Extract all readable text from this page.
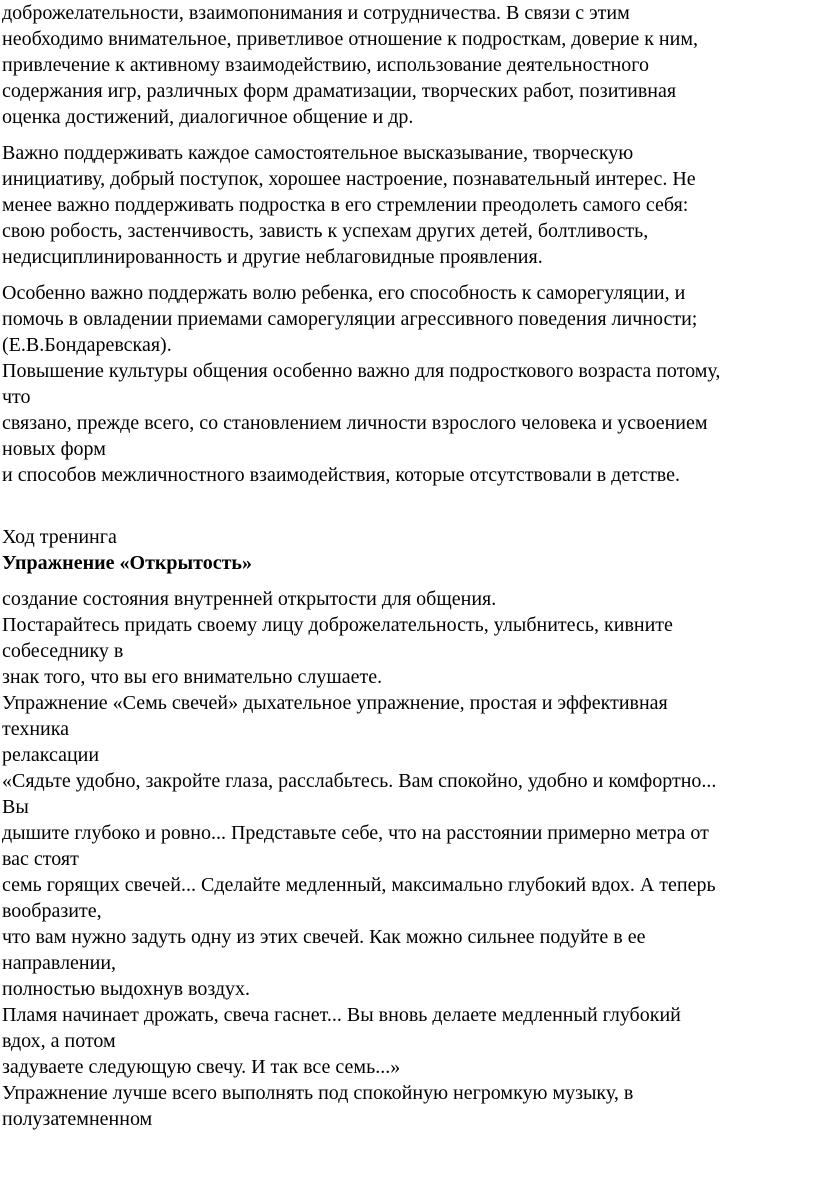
доброжелательности, взаимопонимания и сотрудничества. В связи с этим
необходимо внимательное, приветливое отношение к подросткам, доверие к ним,
привлечение к активному взаимодействию, использование деятельностного
содержания игр, различных форм драматизации, творческих работ, позитивная
оценка достижений, диалогичное общение и др.

Важно поддерживать каждое самостоятельное высказывание, творческую
инициативу, добрый поступок, хорошее настроение, познавательный интерес. Не
менее важно поддерживать подростка в его стремлении преодолеть самого себя:
свою робость, застенчивость, зависть к успехам других детей, болтливость,
недисциплинированность и другие неблаговидные проявления.

Особенно важно поддержать волю ребенка, его способность к саморегуляции, и
помочь в овладении приемами саморегуляции агрессивного поведения личности;
(Е.В.Бондаревская).
Повышение культуры общения особенно важно для подросткового возраста потому,
что
связано, прежде всего, со становлением личности взрослого человека и усвоением
новых форм
и способов межличностного взаимодействия, которые отсутствовали в детстве.

Ход тренинга

Упражнение «Открытость»

создание состояния внутренней открытости для общения.
Постарайтесь придать своему лицу доброжелательность, улыбнитесь, кивните
собеседнику в
знак того, что вы его внимательно слушаете.
Упражнение «Семь свечей» дыхательное упражнение, простая и эффективная
техника
релаксации
«Сядьте удобно, закройте глаза, расслабьтесь. Вам спокойно, удобно и комфортно...
Вы
дышите глубоко и ровно... Представьте себе, что на расстоянии примерно метра от
вас стоят
семь горящих свечей... Сделайте медленный, максимально глубокий вдох. А теперь
вообразите,
что вам нужно задуть одну из этих свечей. Как можно сильнее подуйте в ее
направлении,
полностью выдохнув воздух.
Пламя начинает дрожать, свеча гаснет... Вы вновь делаете медленный глубокий
вдох, а потом
задуваете следующую свечу. И так все семь...»
Упражнение лучше всего выполнять под спокойную негромкую музыку, в
полузатемненном
